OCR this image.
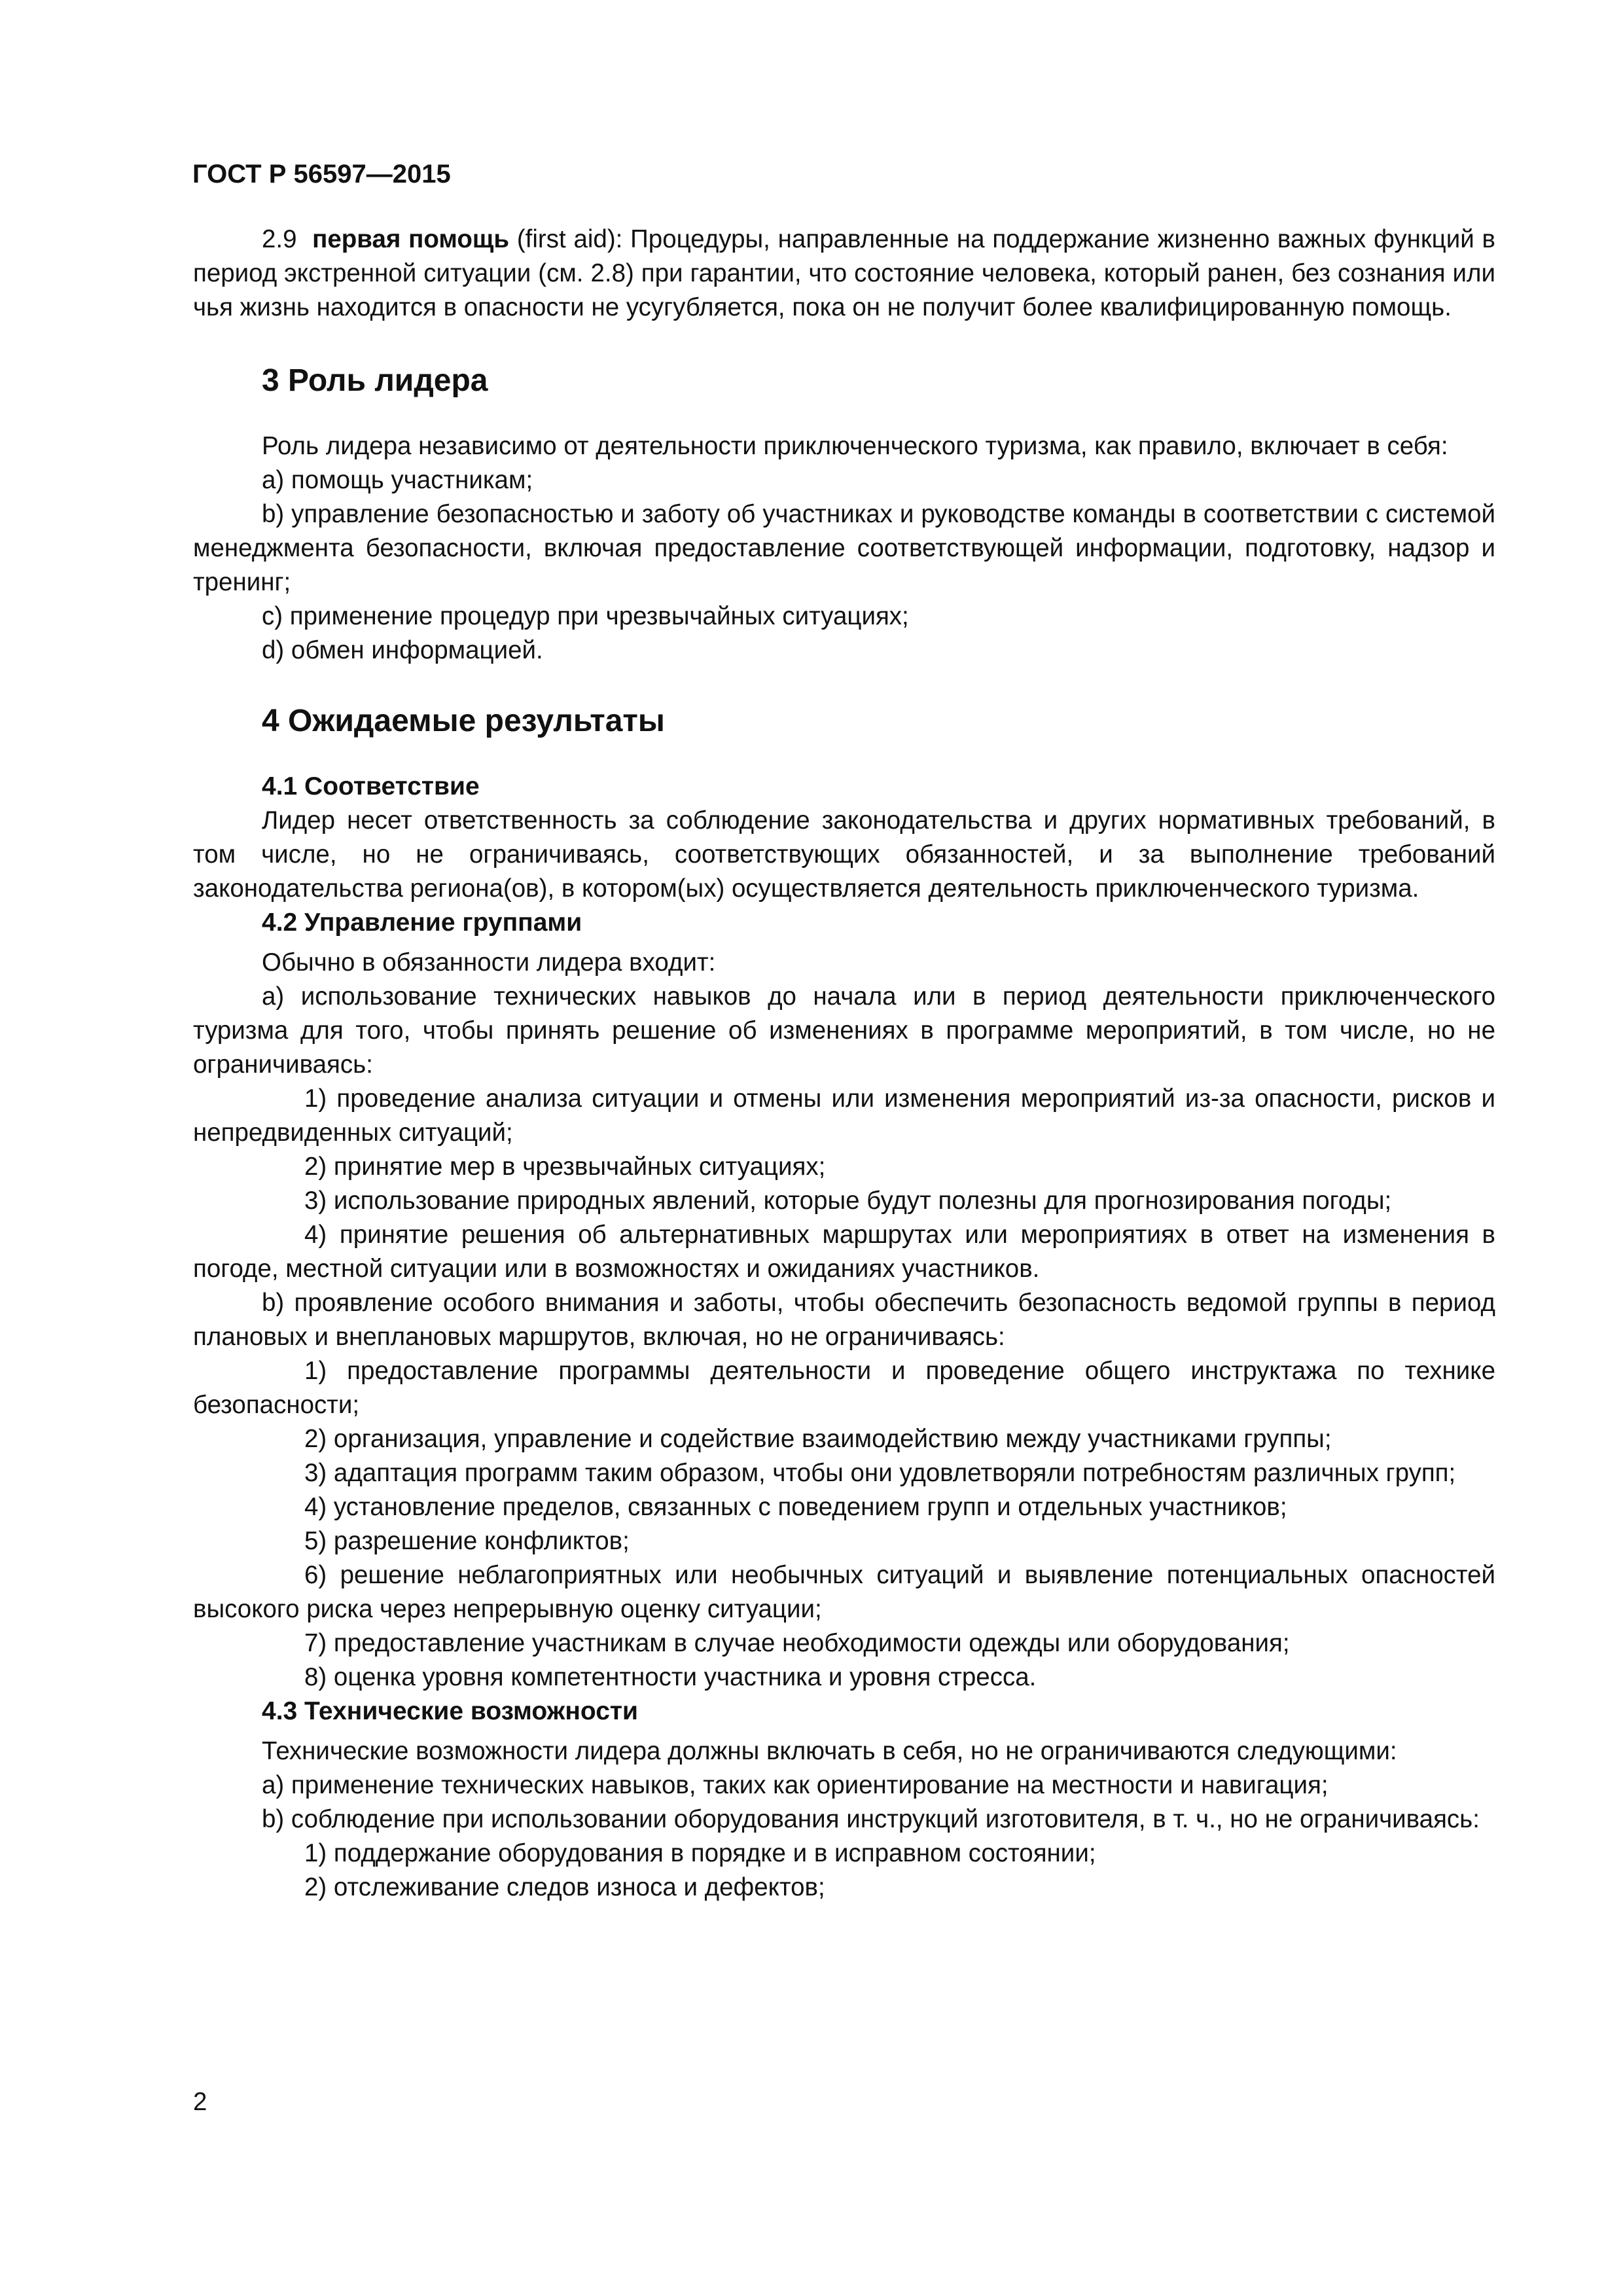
ГОСТ Р 56597—2015

2.9 первая помощь (first aid): Процедуры, направленные на поддержание жизненно важных функций в период экстренной ситуации (см. 2.8) при гарантии, что состояние человека, который ранен, без сознания или чья жизнь находится в опасности не усугубляется, пока он не получит более квалифицированную помощь.

3 Роль лидера

Роль лидера независимо от деятельности приключенческого туризма, как правило, включает в себя:

a) помощь участникам;

b) управление безопасностью и заботу об участниках и руководстве команды в соответствии с системой менеджмента безопасности, включая предоставление соответствующей информации, подготовку, надзор и тренинг;

c) применение процедур при чрезвычайных ситуациях;

d) обмен информацией.

4 Ожидаемые результаты
4.1 Соответствие

Лидер несет ответственность за соблюдение законодательства и других нормативных требований, в том числе, но не ограничиваясь, соответствующих обязанностей, и за выполнение требований законодательства региона(ов), в котором(ых) осуществляется деятельность приключенческого туризма.

4.2 Управление группами

Обычно в обязанности лидера входит:

a) использование технических навыков до начала или в период деятельности приключенческого туризма для того, чтобы принять решение об изменениях в программе мероприятий, в том числе, но не ограничиваясь:

1) проведение анализа ситуации и отмены или изменения мероприятий из-за опасности, рисков и непредвиденных ситуаций;

2) принятие мер в чрезвычайных ситуациях;

3) использование природных явлений, которые будут полезны для прогнозирования погоды;

4) принятие решения об альтернативных маршрутах или мероприятиях в ответ на изменения в погоде, местной ситуации или в возможностях и ожиданиях участников.

b) проявление особого внимания и заботы, чтобы обеспечить безопасность ведомой группы в период плановых и внеплановых маршрутов, включая, но не ограничиваясь:

1) предоставление программы деятельности и проведение общего инструктажа по технике безопасности;

2) организация, управление и содействие взаимодействию между участниками группы;

3) адаптация программ таким образом, чтобы они удовлетворяли потребностям различных групп;

4) установление пределов, связанных с поведением групп и отдельных участников;

5) разрешение конфликтов;

6) решение неблагоприятных или необычных ситуаций и выявление потенциальных опасностей высокого риска через непрерывную оценку ситуации;

7) предоставление участникам в случае необходимости одежды или оборудования;

8) оценка уровня компетентности участника и уровня стресса.

4.3 Технические возможности

Технические возможности лидера должны включать в себя, но не ограничиваются следующими:

a) применение технических навыков, таких как ориентирование на местности и навигация;

b) соблюдение при использовании оборудования инструкций изготовителя, в т. ч., но не ограничиваясь:

1) поддержание оборудования в порядке и в исправном состоянии;

2) отслеживание следов износа и дефектов;

2
